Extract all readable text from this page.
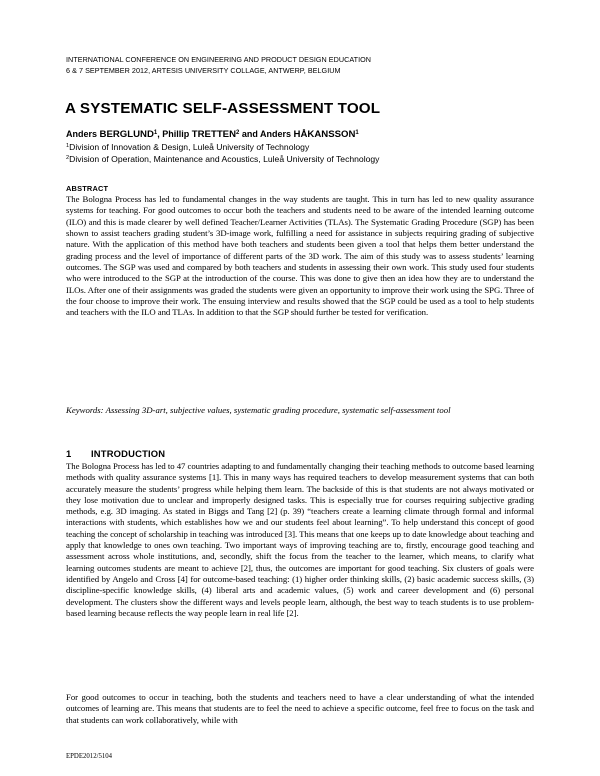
INTERNATIONAL CONFERENCE ON ENGINEERING AND PRODUCT DESIGN EDUCATION
6 & 7 SEPTEMBER 2012, ARTESIS UNIVERSITY COLLAGE, ANTWERP, BELGIUM
A SYSTEMATIC SELF-ASSESSMENT TOOL
Anders BERGLUND$^1$, Phillip TRETTEN$^2$ and Anders HÅKANSSON$^1$
$^1$Division of Innovation & Design, Luleå University of Technology
$^2$Division of Operation, Maintenance and Acoustics, Luleå University of Technology
ABSTRACT

The Bologna Process has led to fundamental changes in the way students are taught. This in turn has led to new quality assurance systems for teaching. For good outcomes to occur both the teachers and students need to be aware of the intended learning outcome (ILO) and this is made clearer by well defined Teacher/Learner Activities (TLAs). The Systematic Grading Procedure (SGP) has been shown to assist teachers grading student’s 3D-image work, fulfilling a need for assistance in subjects requiring grading of subjective nature. With the application of this method have both teachers and students been given a tool that helps them better understand the grading process and the level of importance of different parts of the 3D work. The aim of this study was to assess students’ learning outcomes. The SGP was used and compared by both teachers and students in assessing their own work. This study used four students who were introduced to the SGP at the introduction of the course. This was done to give then an idea how they are to understand the ILOs. After one of their assignments was graded the students were given an opportunity to improve their work using the SPG. Three of the four choose to improve their work. The ensuing interview and results showed that the SGP could be used as a tool to help students and teachers with the ILO and TLAs. In addition to that the SGP should further be tested for verification.

Keywords: Assessing 3D-art, subjective values, systematic grading procedure, systematic self-assessment tool

1 INTRODUCTION

The Bologna Process has led to 47 countries adapting to and fundamentally changing their teaching methods to outcome based learning methods with quality assurance systems [1]. This in many ways has required teachers to develop measurement systems that can both accurately measure the students’ progress while helping them learn. The backside of this is that students are not always motivated or they lose motivation due to unclear and improperly designed tasks. This is especially true for courses requiring subjective grading methods, e.g. 3D imaging. As stated in Biggs and Tang [2] (p. 39) “teachers create a learning climate through formal and informal interactions with students, which establishes how we and our students feel about learning”. To help understand this concept of good teaching the concept of scholarship in teaching was introduced [3]. This means that one keeps up to date knowledge about teaching and apply that knowledge to ones own teaching. Two important ways of improving teaching are to, firstly, encourage good teaching and assessment across whole institutions, and, secondly, shift the focus from the teacher to the learner, which means, to clarify what learning outcomes students are meant to achieve [2], thus, the outcomes are important for good teaching. Six clusters of goals were identified by Angelo and Cross [4] for outcome-based teaching: (1) higher order thinking skills, (2) basic academic success skills, (3) discipline-specific knowledge skills, (4) liberal arts and academic values, (5) work and career development and (6) personal development. The clusters show the different ways and levels people learn, although, the best way to teach students is to use problem-based learning because reflects the way people learn in real life [2].

For good outcomes to occur in teaching, both the students and teachers need to have a clear understanding of what the intended outcomes of learning are. This means that students are to feel the need to achieve a specific outcome, feel free to focus on the task and that students can work collaboratively, while with

EPDE2012/5104
